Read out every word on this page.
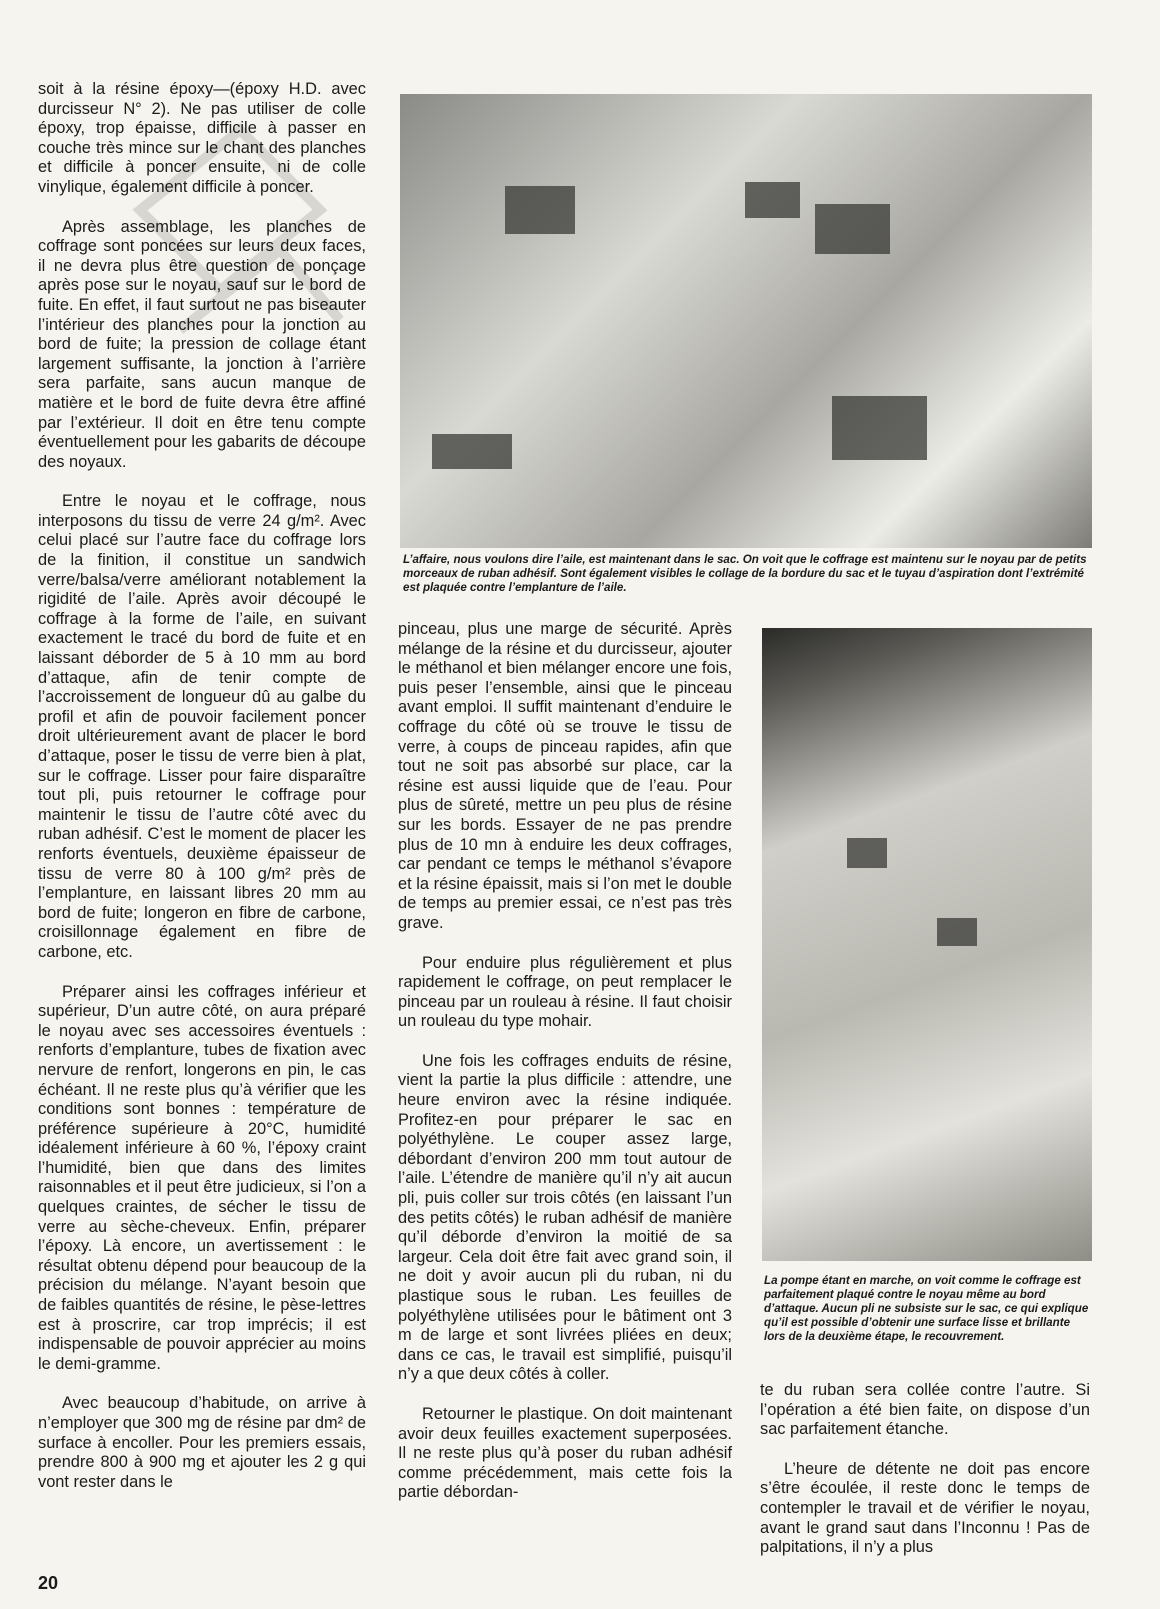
L’affaire, nous voulons dire l’aile, est maintenant dans le sac. On voit que le coffrage est maintenu sur le noyau par de petits morceaux de ruban adhésif. Sont également visibles le collage de la bordure du sac et le tuyau d’aspiration dont l’extrémité est plaquée contre l’emplanture de l’aile.
La pompe étant en marche, on voit comme le coffrage est parfaitement plaqué contre le noyau même au bord d’attaque. Aucun pli ne subsiste sur le sac, ce qui explique qu’il est possible d’obtenir une surface lisse et brillante lors de la deuxième étape, le recouvrement.

soit à la résine époxy—(époxy H.D. avec durcisseur N° 2). Ne pas utiliser de colle époxy, trop épaisse, difficile à passer en couche très mince sur le chant des planches et difficile à poncer ensuite, ni de colle vinylique, également difficile à poncer.

Après assemblage, les planches de coffrage sont poncées sur leurs deux faces, il ne devra plus être question de ponçage après pose sur le noyau, sauf sur le bord de fuite. En effet, il faut surtout ne pas biseauter l’intérieur des planches pour la jonction au bord de fuite; la pression de collage étant largement suffisante, la jonction à l’arrière sera parfaite, sans aucun manque de matière et le bord de fuite devra être affiné par l’extérieur. Il doit en être tenu compte éventuellement pour les gabarits de découpe des noyaux.

Entre le noyau et le coffrage, nous interposons du tissu de verre 24 g/m². Avec celui placé sur l’autre face du coffrage lors de la finition, il constitue un sandwich verre/balsa/verre améliorant notablement la rigidité de l’aile. Après avoir découpé le coffrage à la forme de l’aile, en suivant exactement le tracé du bord de fuite et en laissant déborder de 5 à 10 mm au bord d’attaque, afin de tenir compte de l’accroissement de longueur dû au galbe du profil et afin de pouvoir facilement poncer droit ultérieurement avant de placer le bord d’attaque, poser le tissu de verre bien à plat, sur le coffrage. Lisser pour faire disparaître tout pli, puis retourner le coffrage pour maintenir le tissu de l’autre côté avec du ruban adhésif. C’est le moment de placer les renforts éventuels, deuxième épaisseur de tissu de verre 80 à 100 g/m² près de l’emplanture, en laissant libres 20 mm au bord de fuite; longeron en fibre de carbone, croisillonnage également en fibre de carbone, etc.

Préparer ainsi les coffrages inférieur et supérieur, D’un autre côté, on aura préparé le noyau avec ses accessoires éventuels : renforts d’emplanture, tubes de fixation avec nervure de renfort, longerons en pin, le cas échéant. Il ne reste plus qu’à vérifier que les conditions sont bonnes : température de préférence supérieure à 20°C, humidité idéalement inférieure à 60 %, l’époxy craint l’humidité, bien que dans des limites raisonnables et il peut être judicieux, si l’on a quelques craintes, de sécher le tissu de verre au sèche-cheveux. Enfin, préparer l’époxy. Là encore, un avertissement : le résultat obtenu dépend pour beaucoup de la précision du mélange. N’ayant besoin que de faibles quantités de résine, le pèse-lettres est à proscrire, car trop imprécis; il est indispensable de pouvoir apprécier au moins le demi-gramme.

Avec beaucoup d’habitude, on arrive à n’employer que 300 mg de résine par dm² de surface à encoller. Pour les premiers essais, prendre 800 à 900 mg et ajouter les 2 g qui vont rester dans le

pinceau, plus une marge de sécurité. Après mélange de la résine et du durcisseur, ajouter le méthanol et bien mélanger encore une fois, puis peser l’ensemble, ainsi que le pinceau avant emploi. Il suffit maintenant d’enduire le coffrage du côté où se trouve le tissu de verre, à coups de pinceau rapides, afin que tout ne soit pas absorbé sur place, car la résine est aussi liquide que de l’eau. Pour plus de sûreté, mettre un peu plus de résine sur les bords. Essayer de ne pas prendre plus de 10 mn à enduire les deux coffrages, car pendant ce temps le méthanol s’évapore et la résine épaissit, mais si l’on met le double de temps au premier essai, ce n’est pas très grave.

Pour enduire plus régulièrement et plus rapidement le coffrage, on peut remplacer le pinceau par un rouleau à résine. Il faut choisir un rouleau du type mohair.

Une fois les coffrages enduits de résine, vient la partie la plus difficile : attendre, une heure environ avec la résine indiquée. Profitez-en pour préparer le sac en polyéthylène. Le couper assez large, débordant d’environ 200 mm tout autour de l’aile. L’étendre de manière qu’il n’y ait aucun pli, puis coller sur trois côtés (en laissant l’un des petits côtés) le ruban adhésif de manière qu’il déborde d’environ la moitié de sa largeur. Cela doit être fait avec grand soin, il ne doit y avoir aucun pli du ruban, ni du plastique sous le ruban. Les feuilles de polyéthylène utilisées pour le bâtiment ont 3 m de large et sont livrées pliées en deux; dans ce cas, le travail est simplifié, puisqu’il n’y a que deux côtés à coller.

Retourner le plastique. On doit maintenant avoir deux feuilles exactement superposées. Il ne reste plus qu’à poser du ruban adhésif comme précédemment, mais cette fois la partie débordan-

te du ruban sera collée contre l’autre. Si l’opération a été bien faite, on dispose d’un sac parfaitement étanche.

L’heure de détente ne doit pas encore s’être écoulée, il reste donc le temps de contempler le travail et de vérifier le noyau, avant le grand saut dans l’Inconnu ! Pas de palpitations, il n’y a plus

20
